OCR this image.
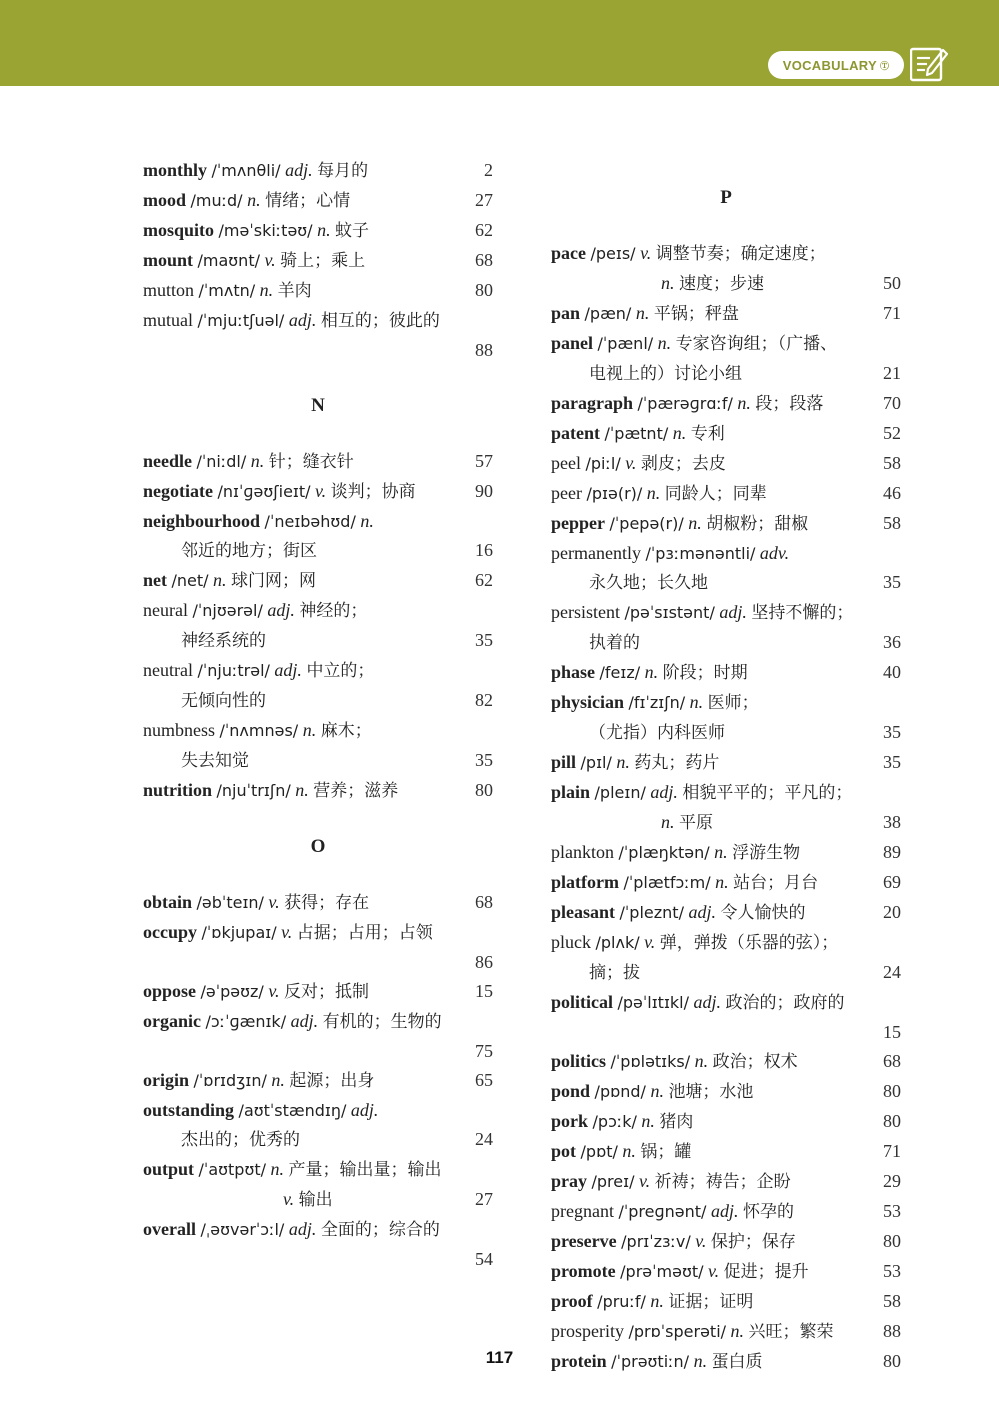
VOCABULARY Ⓣ
monthly /ˈmʌnθli/ adj. 每月的	2
mood /muːd/ n. 情绪；心情	27
mosquito /məˈskiːtəʊ/ n. 蚊子	62
mount /maʊnt/ v. 骑上；乘上	68
mutton /ˈmʌtn/ n. 羊肉	80
mutual /ˈmjuːtʃuəl/ adj. 相互的；彼此的
88
N
needle /ˈniːdl/ n. 针；缝衣针	57
negotiate /nɪˈɡəʊʃieɪt/ v. 谈判；协商	90
neighbourhood /ˈneɪbəhʊd/ n.
邻近的地方；街区	16
net /net/ n. 球门网；网	62
neural /ˈnjʊərəl/ adj. 神经的；
神经系统的	35
neutral /ˈnjuːtrəl/ adj. 中立的；
无倾向性的	82
numbness /ˈnʌmnəs/ n. 麻木；
失去知觉	35
nutrition /njuˈtrɪʃn/ n. 营养；滋养	80
O
obtain /əbˈteɪn/ v. 获得；存在	68
occupy /ˈɒkjupaɪ/ v. 占据；占用；占领
86
oppose /əˈpəʊz/ v. 反对；抵制	15
organic /ɔːˈɡænɪk/ adj. 有机的；生物的
75
origin /ˈɒrɪdʒɪn/ n. 起源；出身	65
outstanding /aʊtˈstændɪŋ/ adj.
杰出的；优秀的	24
output /ˈaʊtpʊt/ n. 产量；输出量；输出
v. 输出	27
overall /ˌəʊvərˈɔːl/ adj. 全面的；综合的
54
P
pace /peɪs/ v. 调整节奏；确定速度；
n. 速度；步速	50
pan /pæn/ n. 平锅；秤盘	71
panel /ˈpænl/ n. 专家咨询组；（广播、
电视上的）讨论小组	21
paragraph /ˈpærəɡrɑːf/ n. 段；段落	70
patent /ˈpætnt/ n. 专利	52
peel /piːl/ v. 剥皮；去皮	58
peer /pɪə(r)/ n. 同龄人；同辈	46
pepper /ˈpepə(r)/ n. 胡椒粉；甜椒	58
permanently /ˈpɜːmənəntli/ adv.
永久地；长久地	35
persistent /pəˈsɪstənt/ adj. 坚持不懈的；
执着的	36
phase /feɪz/ n. 阶段；时期	40
physician /fɪˈzɪʃn/ n. 医师；
（尤指）内科医师	35
pill /pɪl/ n. 药丸；药片	35
plain /pleɪn/ adj. 相貌平平的；平凡的；
n. 平原	38
plankton /ˈplæŋktən/ n. 浮游生物	89
platform /ˈplætfɔːm/ n. 站台；月台	69
pleasant /ˈpleznt/ adj. 令人愉快的	20
pluck /plʌk/ v. 弹，弹拨（乐器的弦）；
摘；拔	24
political /pəˈlɪtɪkl/ adj. 政治的；政府的
15
politics /ˈpɒlətɪks/ n. 政治；权术	68
pond /pɒnd/ n. 池塘；水池	80
pork /pɔːk/ n. 猪肉	80
pot /pɒt/ n. 锅；罐	71
pray /preɪ/ v. 祈祷；祷告；企盼	29
pregnant /ˈpreɡnənt/ adj. 怀孕的	53
preserve /prɪˈzɜːv/ v. 保护；保存	80
promote /prəˈməʊt/ v. 促进；提升	53
proof /pruːf/ n. 证据；证明	58
prosperity /prɒˈsperəti/ n. 兴旺；繁荣	88
protein /ˈprəʊtiːn/ n. 蛋白质	80
117
